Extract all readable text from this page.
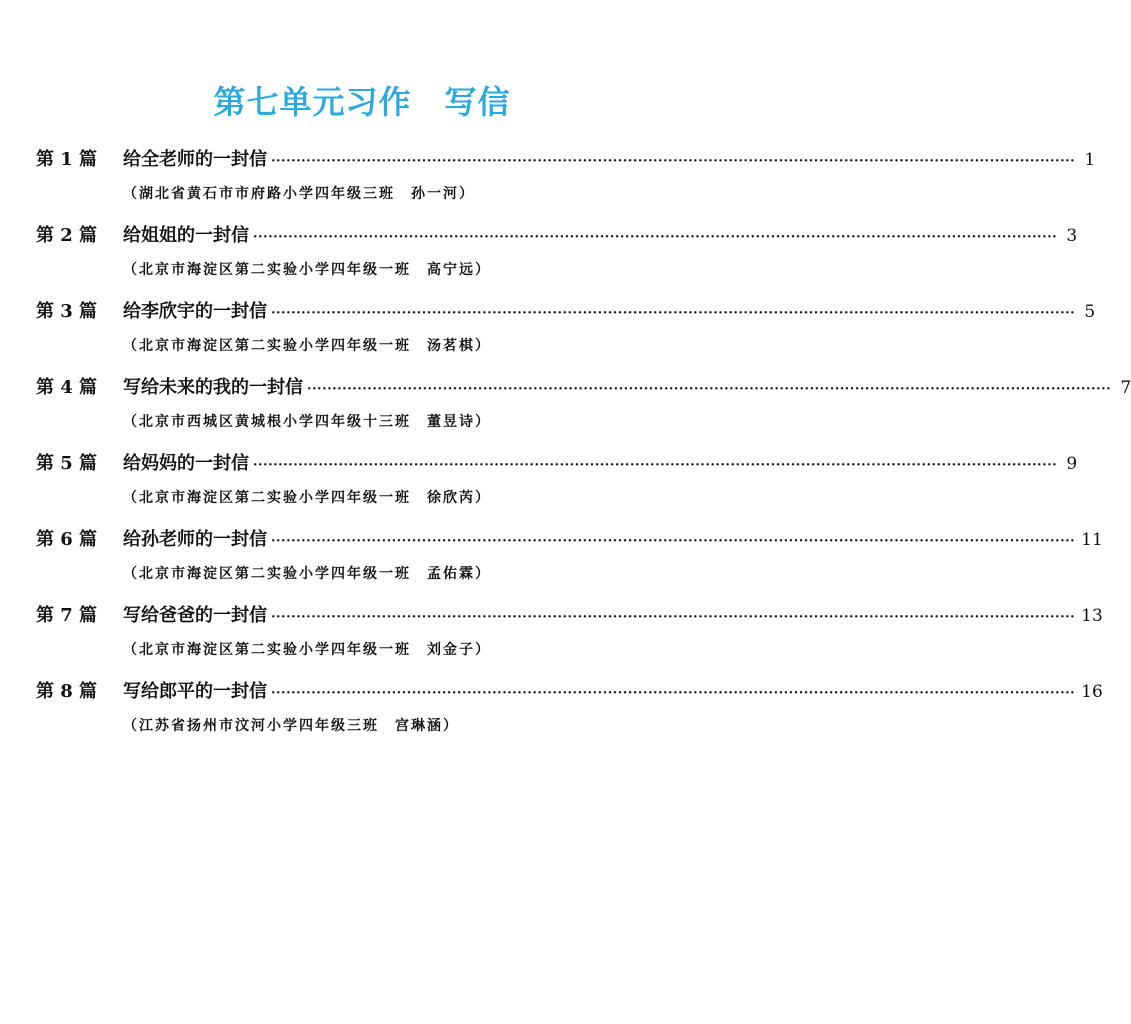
第七单元习作　写信
第 1 篇	给全老师的一封信 ································································································································································ 1
（湖北省黄石市市府路小学四年级三班　孙一河）
第 2 篇	给姐姐的一封信 ································································································································································ 3
（北京市海淀区第二实验小学四年级一班　高宁远）
第 3 篇	给李欣宇的一封信 ································································································································································ 5
（北京市海淀区第二实验小学四年级一班　汤茗棋）
第 4 篇	写给未来的我的一封信 ································································································································································ 7
（北京市西城区黄城根小学四年级十三班　董昱诗）
第 5 篇	给妈妈的一封信 ································································································································································ 9
（北京市海淀区第二实验小学四年级一班　徐欣芮）
第 6 篇	给孙老师的一封信 ································································································································································ 11
（北京市海淀区第二实验小学四年级一班　孟佑霖）
第 7 篇	写给爸爸的一封信 ································································································································································ 13
（北京市海淀区第二实验小学四年级一班　刘金子）
第 8 篇	写给郎平的一封信 ································································································································································ 16
（江苏省扬州市汶河小学四年级三班　宫琳涵）
